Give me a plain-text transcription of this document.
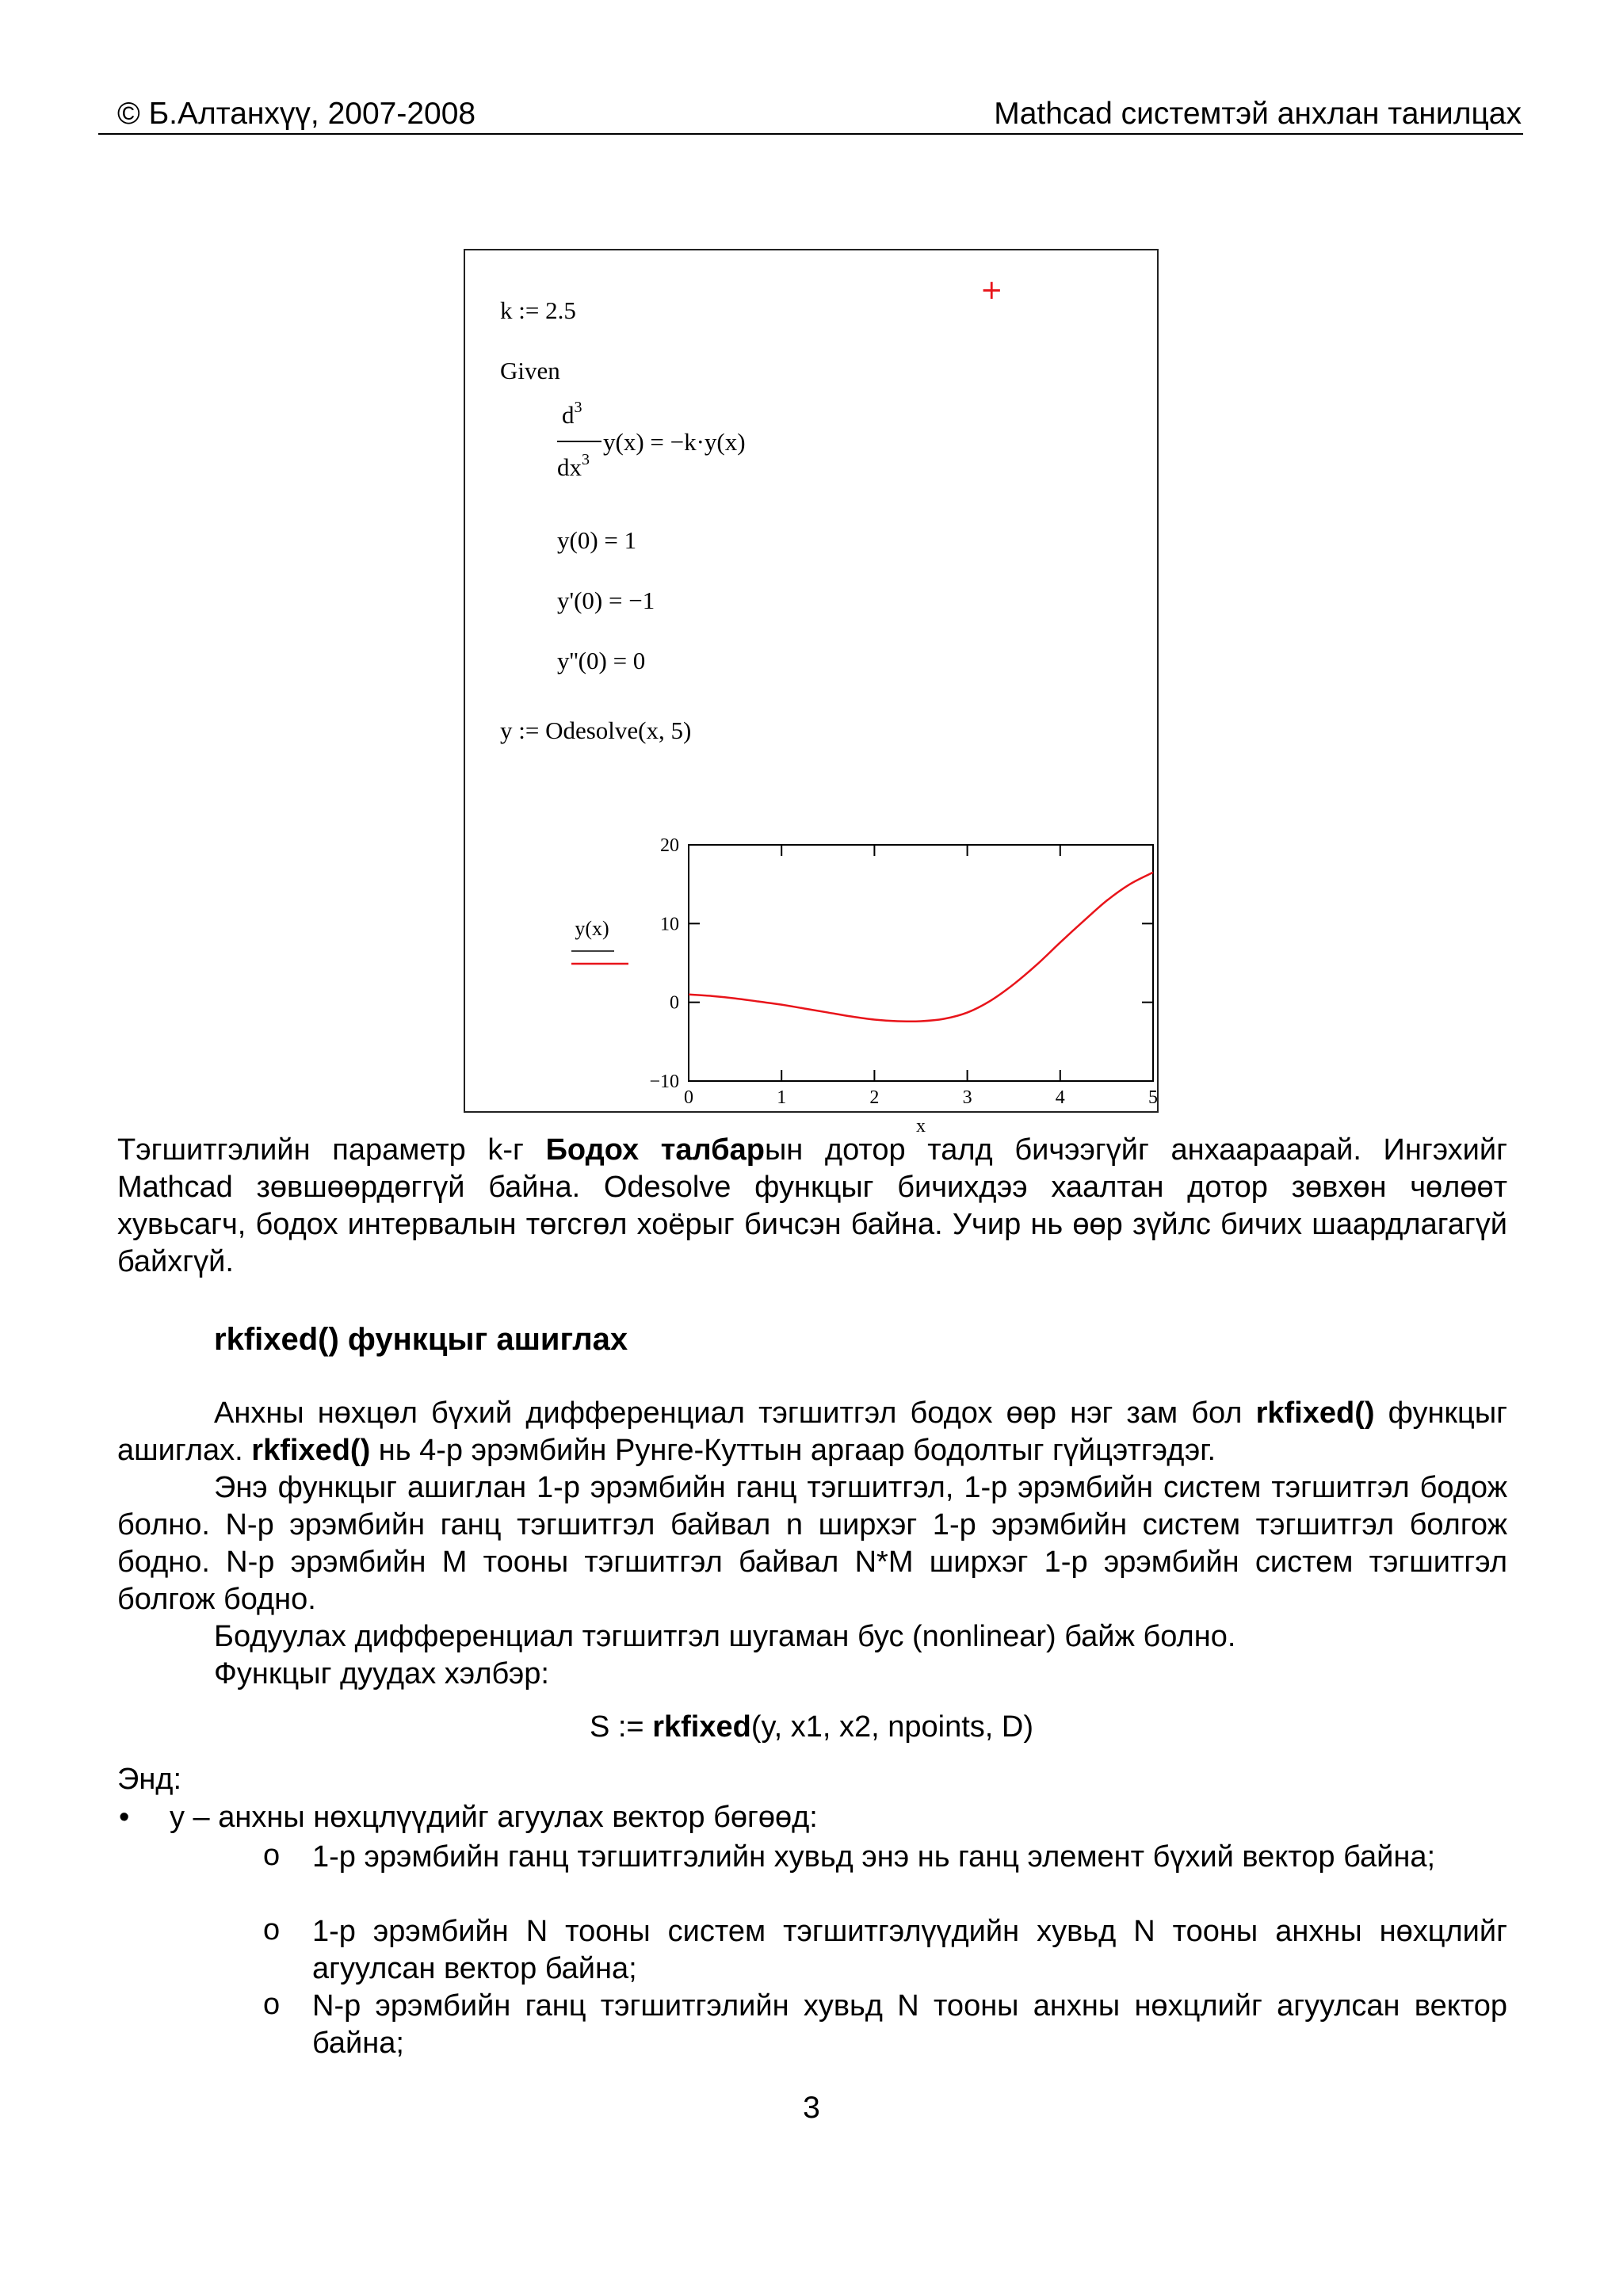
© Б.Алтанхүү, 2007-2008	Mathcad системтэй анхлан танилцах
+
k := 2.5
Given
$d^3$
$dx^3$
y(x) = −k·y(x)
y(0) = 1
y'(0) = −1
y''(0) = 0
y := Odesolve(x, 5)
0	1	2	3	4	5
20
10
0
−10
x
y(x)
Тэгшитгэлийн параметр k-г Бодох талбарын дотор талд бичээгүйг анхаараарай. Ингэхийг Mathcad зөвшөөрдөггүй байна. Odesolve функцыг бичихдээ хаалтан дотор зөвхөн чөлөөт хувьсагч, бодох интервалын төгсгөл хоёрыг бичсэн байна. Учир нь өөр зүйлс бичих шаардлагагүй байхгүй.
rkfixed() функцыг ашиглах
Анхны нөхцөл бүхий дифференциал тэгшитгэл бодох өөр нэг зам бол rkfixed() функцыг ашиглах. rkfixed() нь 4-р эрэмбийн Рунге-Куттын аргаар бодолтыг гүйцэтгэдэг.
Энэ функцыг ашиглан 1-р эрэмбийн ганц тэгшитгэл, 1-р эрэмбийн систем тэгшитгэл бодож болно. N-р эрэмбийн ганц тэгшитгэл байвал n ширхэг 1-р эрэмбийн систем тэгшитгэл болгож бодно. N-р эрэмбийн M тооны тэгшитгэл байвал N*M ширхэг 1-р эрэмбийн систем тэгшитгэл болгож бодно.
Бодуулах дифференциал тэгшитгэл шугаман бус (nonlinear) байж болно.
Функцыг дуудах хэлбэр:
S := rkfixed(y, x1, x2, npoints, D)
Энд:
• y – анхны нөхцлүүдийг агуулах вектор бөгөөд:
o 1-р эрэмбийн ганц тэгшитгэлийн хувьд энэ нь ганц элемент бүхий вектор байна;
o 1-р эрэмбийн N тооны систем тэгшитгэлүүдийн хувьд N тооны анхны нөхцлийг агуулсан вектор байна;
o N-р эрэмбийн ганц тэгшитгэлийн хувьд N тооны анхны нөхцлийг агуулсан вектор байна;
3
